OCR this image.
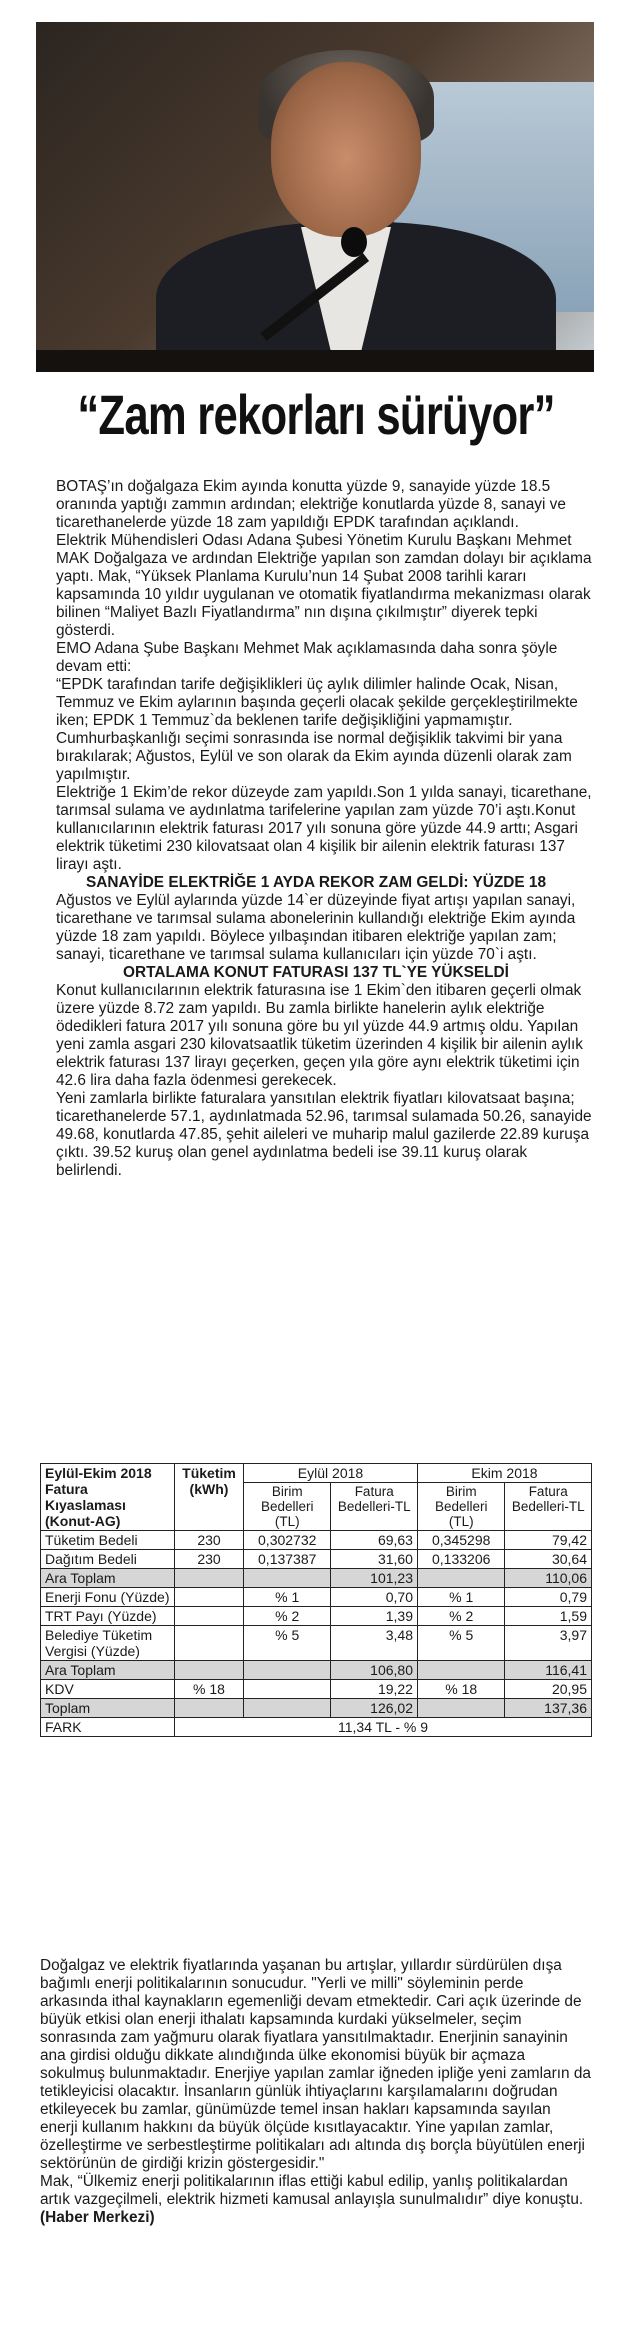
“Zam rekorları sürüyor”

BOTAŞ’ın doğalgaza Ekim ayında konutta yüzde 9, sanayide yüzde 18.5 oranında yaptığı zammın ardından; elektriğe konutlarda yüzde 8, sanayi ve ticarethanelerde yüzde 18 zam yapıldığı EPDK tarafından açıklandı.

Elektrik Mühendisleri Odası Adana Şubesi Yönetim Kurulu Başkanı Mehmet MAK Doğalgaza ve ardından Elektriğe yapılan son zamdan dolayı bir açıklama yaptı. Mak, “Yüksek Planlama Kurulu’nun 14 Şubat 2008 tarihli kararı kapsamında 10 yıldır uygulanan ve otomatik fiyatlandırma mekanizması olarak bilinen “Maliyet Bazlı Fiyatlandırma” nın dışına çıkılmıştır” diyerek tepki gösterdi.

EMO Adana Şube Başkanı Mehmet Mak açıklamasında daha sonra şöyle devam etti:

“EPDK tarafından tarife değişiklikleri üç aylık dilimler halinde Ocak, Nisan, Temmuz ve Ekim aylarının başında geçerli olacak şekilde gerçekleştirilmekte iken; EPDK 1 Temmuz`da beklenen tarife değişikliğini yapmamıştır. Cumhurbaşkanlığı seçimi sonrasında ise normal değişiklik takvimi bir yana bırakılarak; Ağustos, Eylül ve son olarak da Ekim ayında düzenli olarak zam yapılmıştır.

Elektriğe 1 Ekim’de rekor düzeyde zam yapıldı.Son 1 yılda sanayi, ticarethane, tarımsal sulama ve aydınlatma tarifelerine yapılan zam yüzde 70’i aştı.Konut kullanıcılarının elektrik faturası 2017 yılı sonuna göre yüzde 44.9 arttı; Asgari elektrik tüketimi 230 kilovatsaat olan 4 kişilik bir ailenin elektrik faturası 137 lirayı aştı.

SANAYİDE ELEKTRİĞE 1 AYDA REKOR ZAM GELDİ: YÜZDE 18

Ağustos ve Eylül aylarında yüzde 14`er düzeyinde fiyat artışı yapılan sanayi, ticarethane ve tarımsal sulama abonelerinin kullandığı elektriğe Ekim ayında yüzde 18 zam yapıldı. Böylece yılbaşından itibaren elektriğe yapılan zam; sanayi, ticarethane ve tarımsal sulama kullanıcıları için yüzde 70`i aştı.

ORTALAMA KONUT FATURASI 137 TL`YE YÜKSELDİ

Konut kullanıcılarının elektrik faturasına ise 1 Ekim`den itibaren geçerli olmak üzere yüzde 8.72 zam yapıldı. Bu zamla birlikte hanelerin aylık elektriğe ödedikleri fatura 2017 yılı sonuna göre bu yıl yüzde 44.9 artmış oldu. Yapılan yeni zamla asgari 230 kilovatsaatlik tüketim üzerinden 4 kişilik bir ailenin aylık elektrik faturası 137 lirayı geçerken, geçen yıla göre aynı elektrik tüketimi için 42.6 lira daha fazla ödenmesi gerekecek.

Yeni zamlarla birlikte faturalara yansıtılan elektrik fiyatları kilovatsaat başına; ticarethanelerde 57.1, aydınlatmada 52.96, tarımsal sulamada 50.26, sanayide 49.68, konutlarda 47.85, şehit aileleri ve muharip malul gazilerde 22.89 kuruşa çıktı. 39.52 kuruş olan genel aydınlatma bedeli ise 39.11 kuruş olarak belirlendi.

Eylül-Ekim 2018 Fatura Kıyaslaması (Konut-AG)	Tüketim (kWh)	Eylül 2018		Ekim 2018	
		Birim Bedelleri (TL)	Fatura Bedelleri-TL	Birim Bedelleri (TL)	Fatura Bedelleri-TL
Tüketim Bedeli	230	0,302732	69,63	0,345298	79,42
Dağıtım Bedeli	230	0,137387	31,60	0,133206	30,64
Ara Toplam			101,23		110,06
Enerji Fonu (Yüzde)		% 1	0,70	% 1	0,79
TRT Payı (Yüzde)		% 2	1,39	% 2	1,59
Belediye Tüketim Vergisi (Yüzde)		% 5	3,48	% 5	3,97
Ara Toplam			106,80		116,41
KDV	% 18		19,22	% 18	20,95
Toplam			126,02		137,36
FARK	11,34 TL - % 9				

Doğalgaz ve elektrik fiyatlarında yaşanan bu artışlar, yıllardır sürdürülen dışa bağımlı enerji politikalarının sonucudur. "Yerli ve milli" söyleminin perde arkasında ithal kaynakların egemenliği devam etmektedir. Cari açık üzerinde de büyük etkisi olan enerji ithalatı kapsamında kurdaki yükselmeler, seçim sonrasında zam yağmuru olarak fiyatlara yansıtılmaktadır. Enerjinin sanayinin ana girdisi olduğu dikkate alındığında ülke ekonomisi büyük bir açmaza sokulmuş bulunmaktadır. Enerjiye yapılan zamlar iğneden ipliğe yeni zamların da tetikleyicisi olacaktır. İnsanların günlük ihtiyaçlarını karşılamalarını doğrudan etkileyecek bu zamlar, günümüzde temel insan hakları kapsamında sayılan enerji kullanım hakkını da büyük ölçüde kısıtlayacaktır. Yine yapılan zamlar, özelleştirme ve serbestleştirme politikaları adı altında dış borçla büyütülen enerji sektörünün de girdiği krizin göstergesidir."

Mak, “Ülkemiz enerji politikalarının iflas ettiği kabul edilip, yanlış politikalardan artık vazgeçilmeli, elektrik hizmeti kamusal anlayışla sunulmalıdır” diye konuştu. (Haber Merkezi)
